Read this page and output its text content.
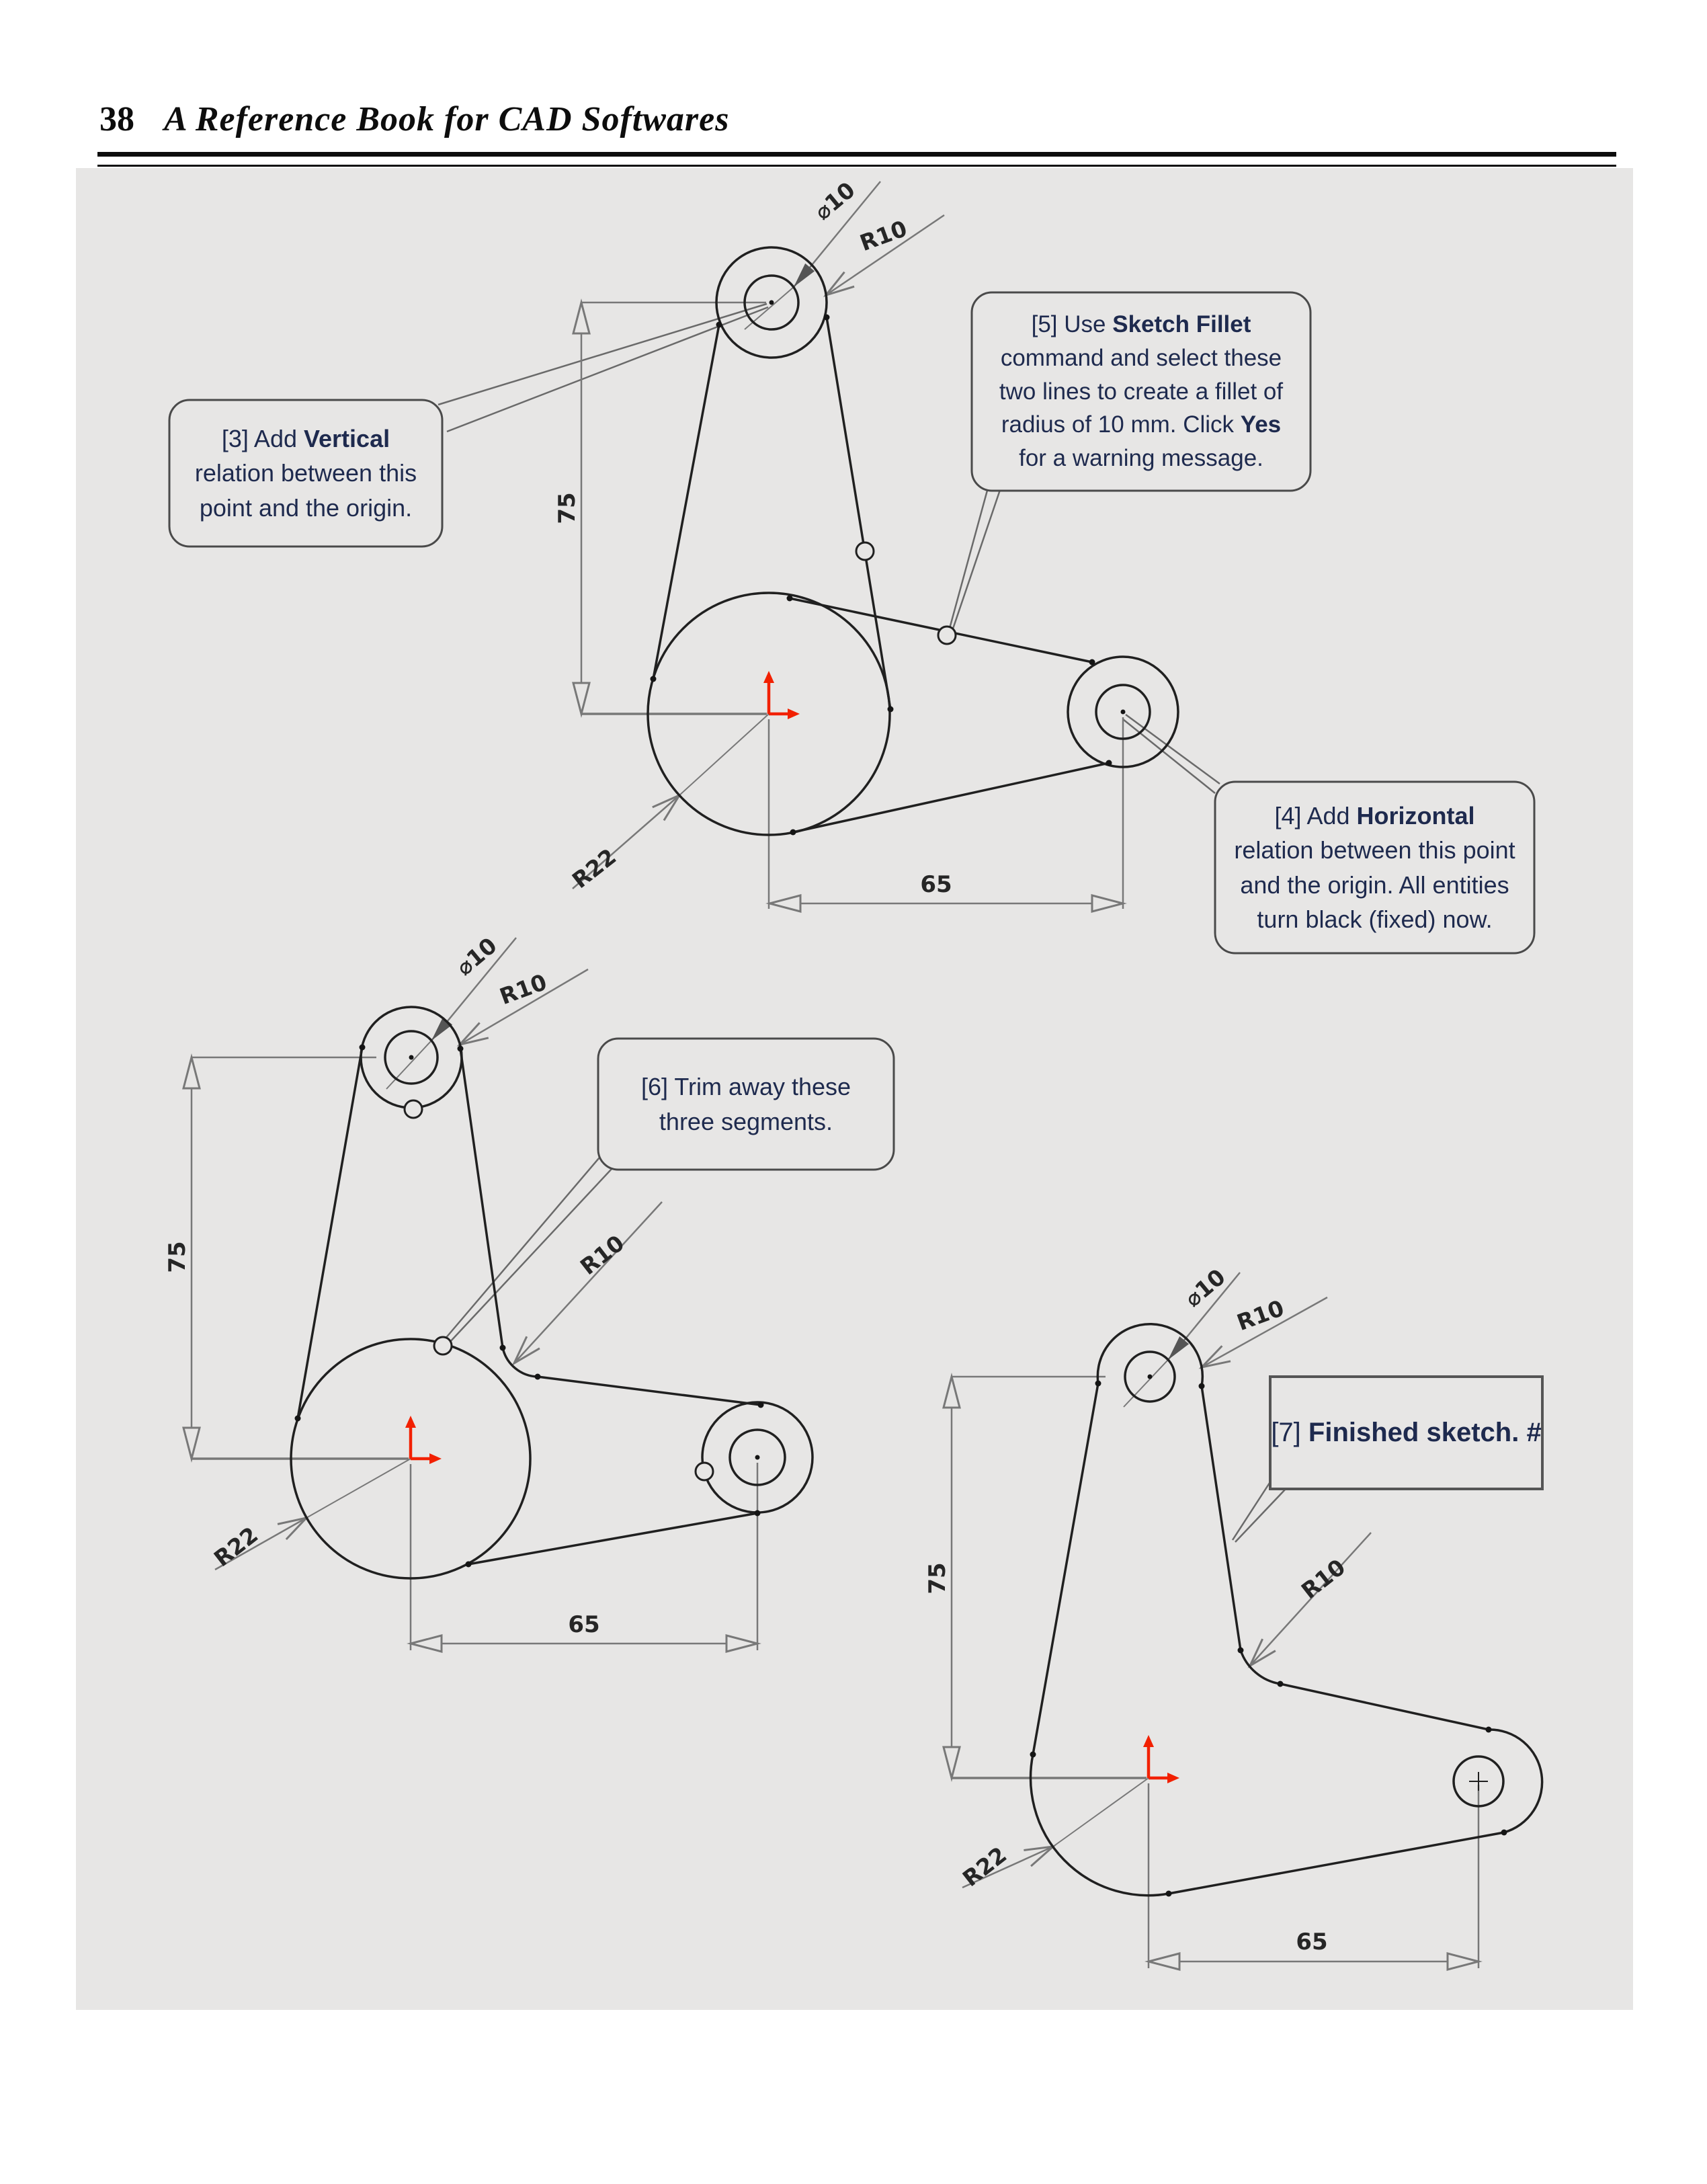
38 A Reference Book for CAD Softwares
75
65
R22
⌀10
R10
75
65
R22
⌀10
R10
R10
75
65
R22
⌀10
R10
R10
[3] Add Vertical
relation between this
point and the origin.
[5] Use Sketch Fillet
command and select these
two lines to create a fillet of
radius of 10 mm. Click Yes
for a warning message.
[4] Add Horizontal
relation between this point
and the origin. All entities
turn black (fixed) now.
[6] Trim away these
three segments.
[7] Finished sketch. #
